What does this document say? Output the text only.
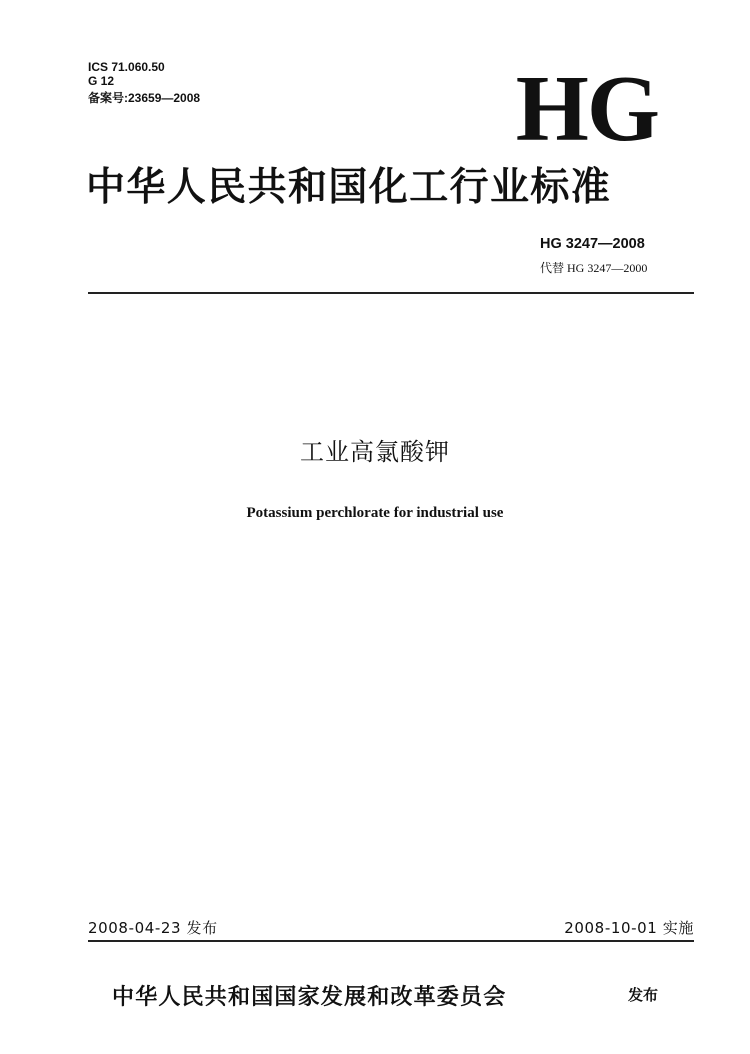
ICS 71.060.50
G 12
备案号:23659—2008	HG
中华人民共和国化工行业标准
HG 3247—2008
代替 HG 3247—2000
工业高氯酸钾
Potassium perchlorate for industrial use
2008-04-23 发布	2008-10-01 实施
中华人民共和国国家发展和改革委员会	发布
